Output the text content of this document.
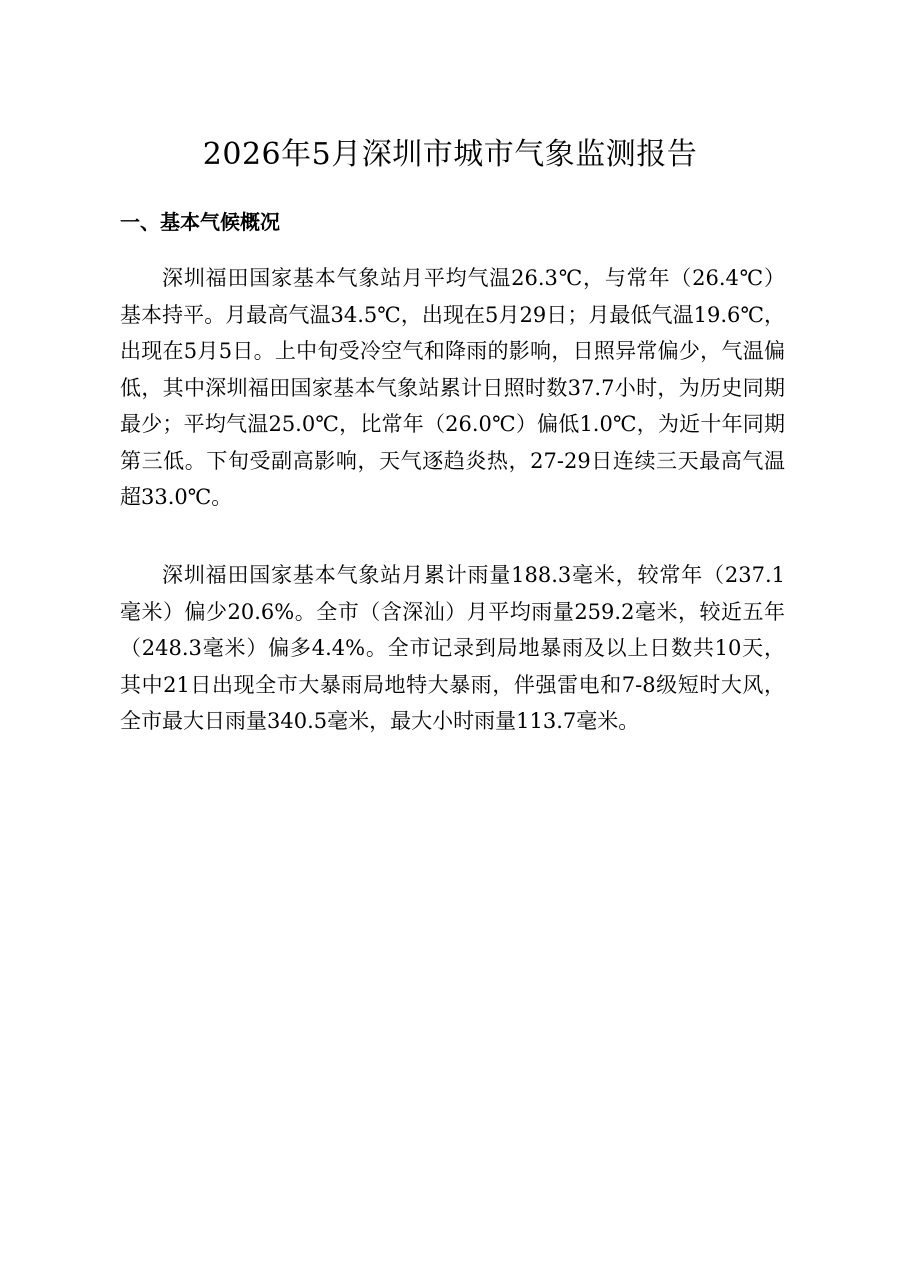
2026年5月深圳市城市气象监测报告
一、基本气候概况

深圳福田国家基本气象站月平均气温26.3℃，与常年（26.4℃）基本持平。月最高气温34.5℃，出现在5月29日；月最低气温19.6℃，出现在5月5日。上中旬受冷空气和降雨的影响，日照异常偏少，气温偏低，其中深圳福田国家基本气象站累计日照时数37.7小时，为历史同期最少；平均气温25.0℃，比常年（26.0℃）偏低1.0℃，为近十年同期第三低。下旬受副高影响，天气逐趋炎热，27-29日连续三天最高气温超33.0℃。

深圳福田国家基本气象站月累计雨量188.3毫米，较常年（237.1毫米）偏少20.6%。全市（含深汕）月平均雨量259.2毫米，较近五年（248.3毫米）偏多4.4%。全市记录到局地暴雨及以上日数共10天，其中21日出现全市大暴雨局地特大暴雨，伴强雷电和7-8级短时大风，全市最大日雨量340.5毫米，最大小时雨量113.7毫米。
